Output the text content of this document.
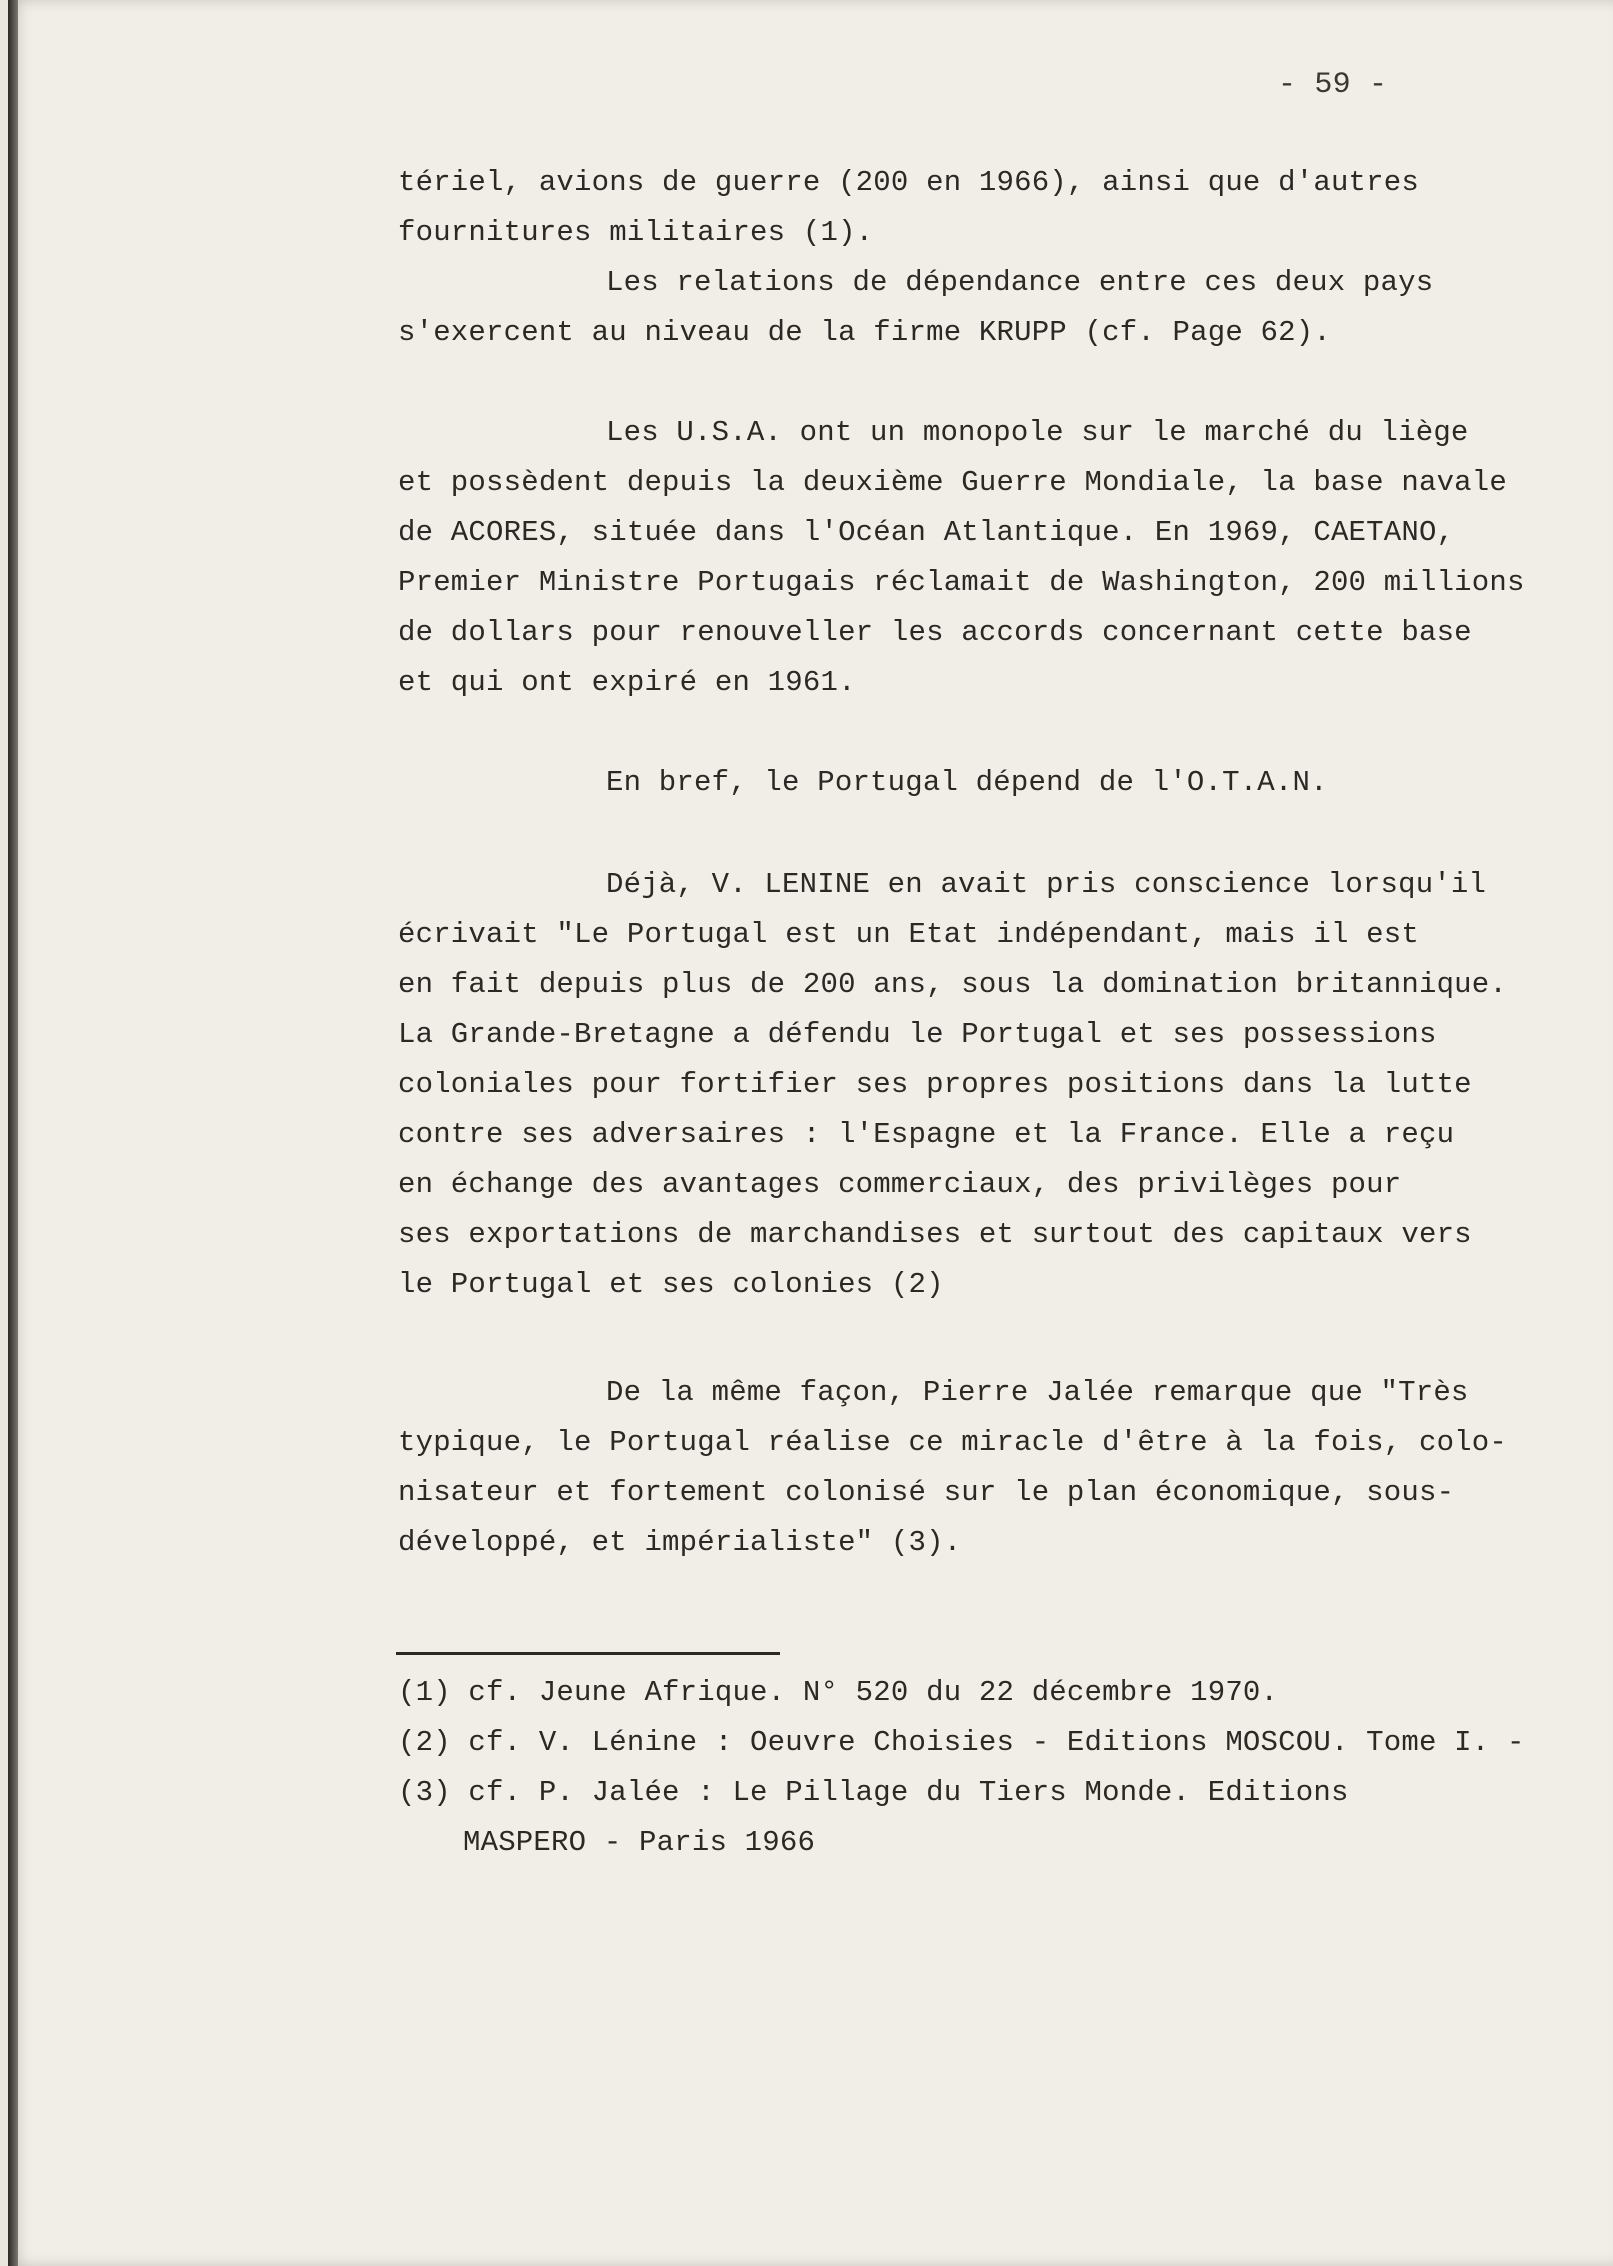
- 59 -
tériel, avions de guerre (200 en 1966), ainsi que d'autres
fournitures militaires (1).
Les relations de dépendance entre ces deux pays
s'exercent au niveau de la firme KRUPP (cf. Page 62).
Les U.S.A. ont un monopole sur le marché du liège
et possèdent depuis la deuxième Guerre Mondiale, la base navale
de ACORES, située dans l'Océan Atlantique. En 1969, CAETANO,
Premier Ministre Portugais réclamait de Washington, 200 millions
de dollars pour renouveller les accords concernant cette base
et qui ont expiré en 1961.
En bref, le Portugal dépend de l'O.T.A.N.
Déjà, V. LENINE en avait pris conscience lorsqu'il
écrivait "Le Portugal est un Etat indépendant, mais il est
en fait depuis plus de 200 ans, sous la domination britannique.
La Grande-Bretagne a défendu le Portugal et ses possessions
coloniales pour fortifier ses propres positions dans la lutte
contre ses adversaires : l'Espagne et la France. Elle a reçu
en échange des avantages commerciaux, des privilèges pour
ses exportations de marchandises et surtout des capitaux vers
le Portugal et ses colonies (2)
De la même façon, Pierre Jalée remarque que "Très
typique, le Portugal réalise ce miracle d'être à la fois, colo-
nisateur et fortement colonisé sur le plan économique, sous-
développé, et impérialiste" (3).
(1) cf. Jeune Afrique. N° 520 du 22 décembre 1970.
(2) cf. V. Lénine : Oeuvre Choisies - Editions MOSCOU. Tome I. -
(3) cf. P. Jalée : Le Pillage du Tiers Monde. Editions
MASPERO - Paris 1966
